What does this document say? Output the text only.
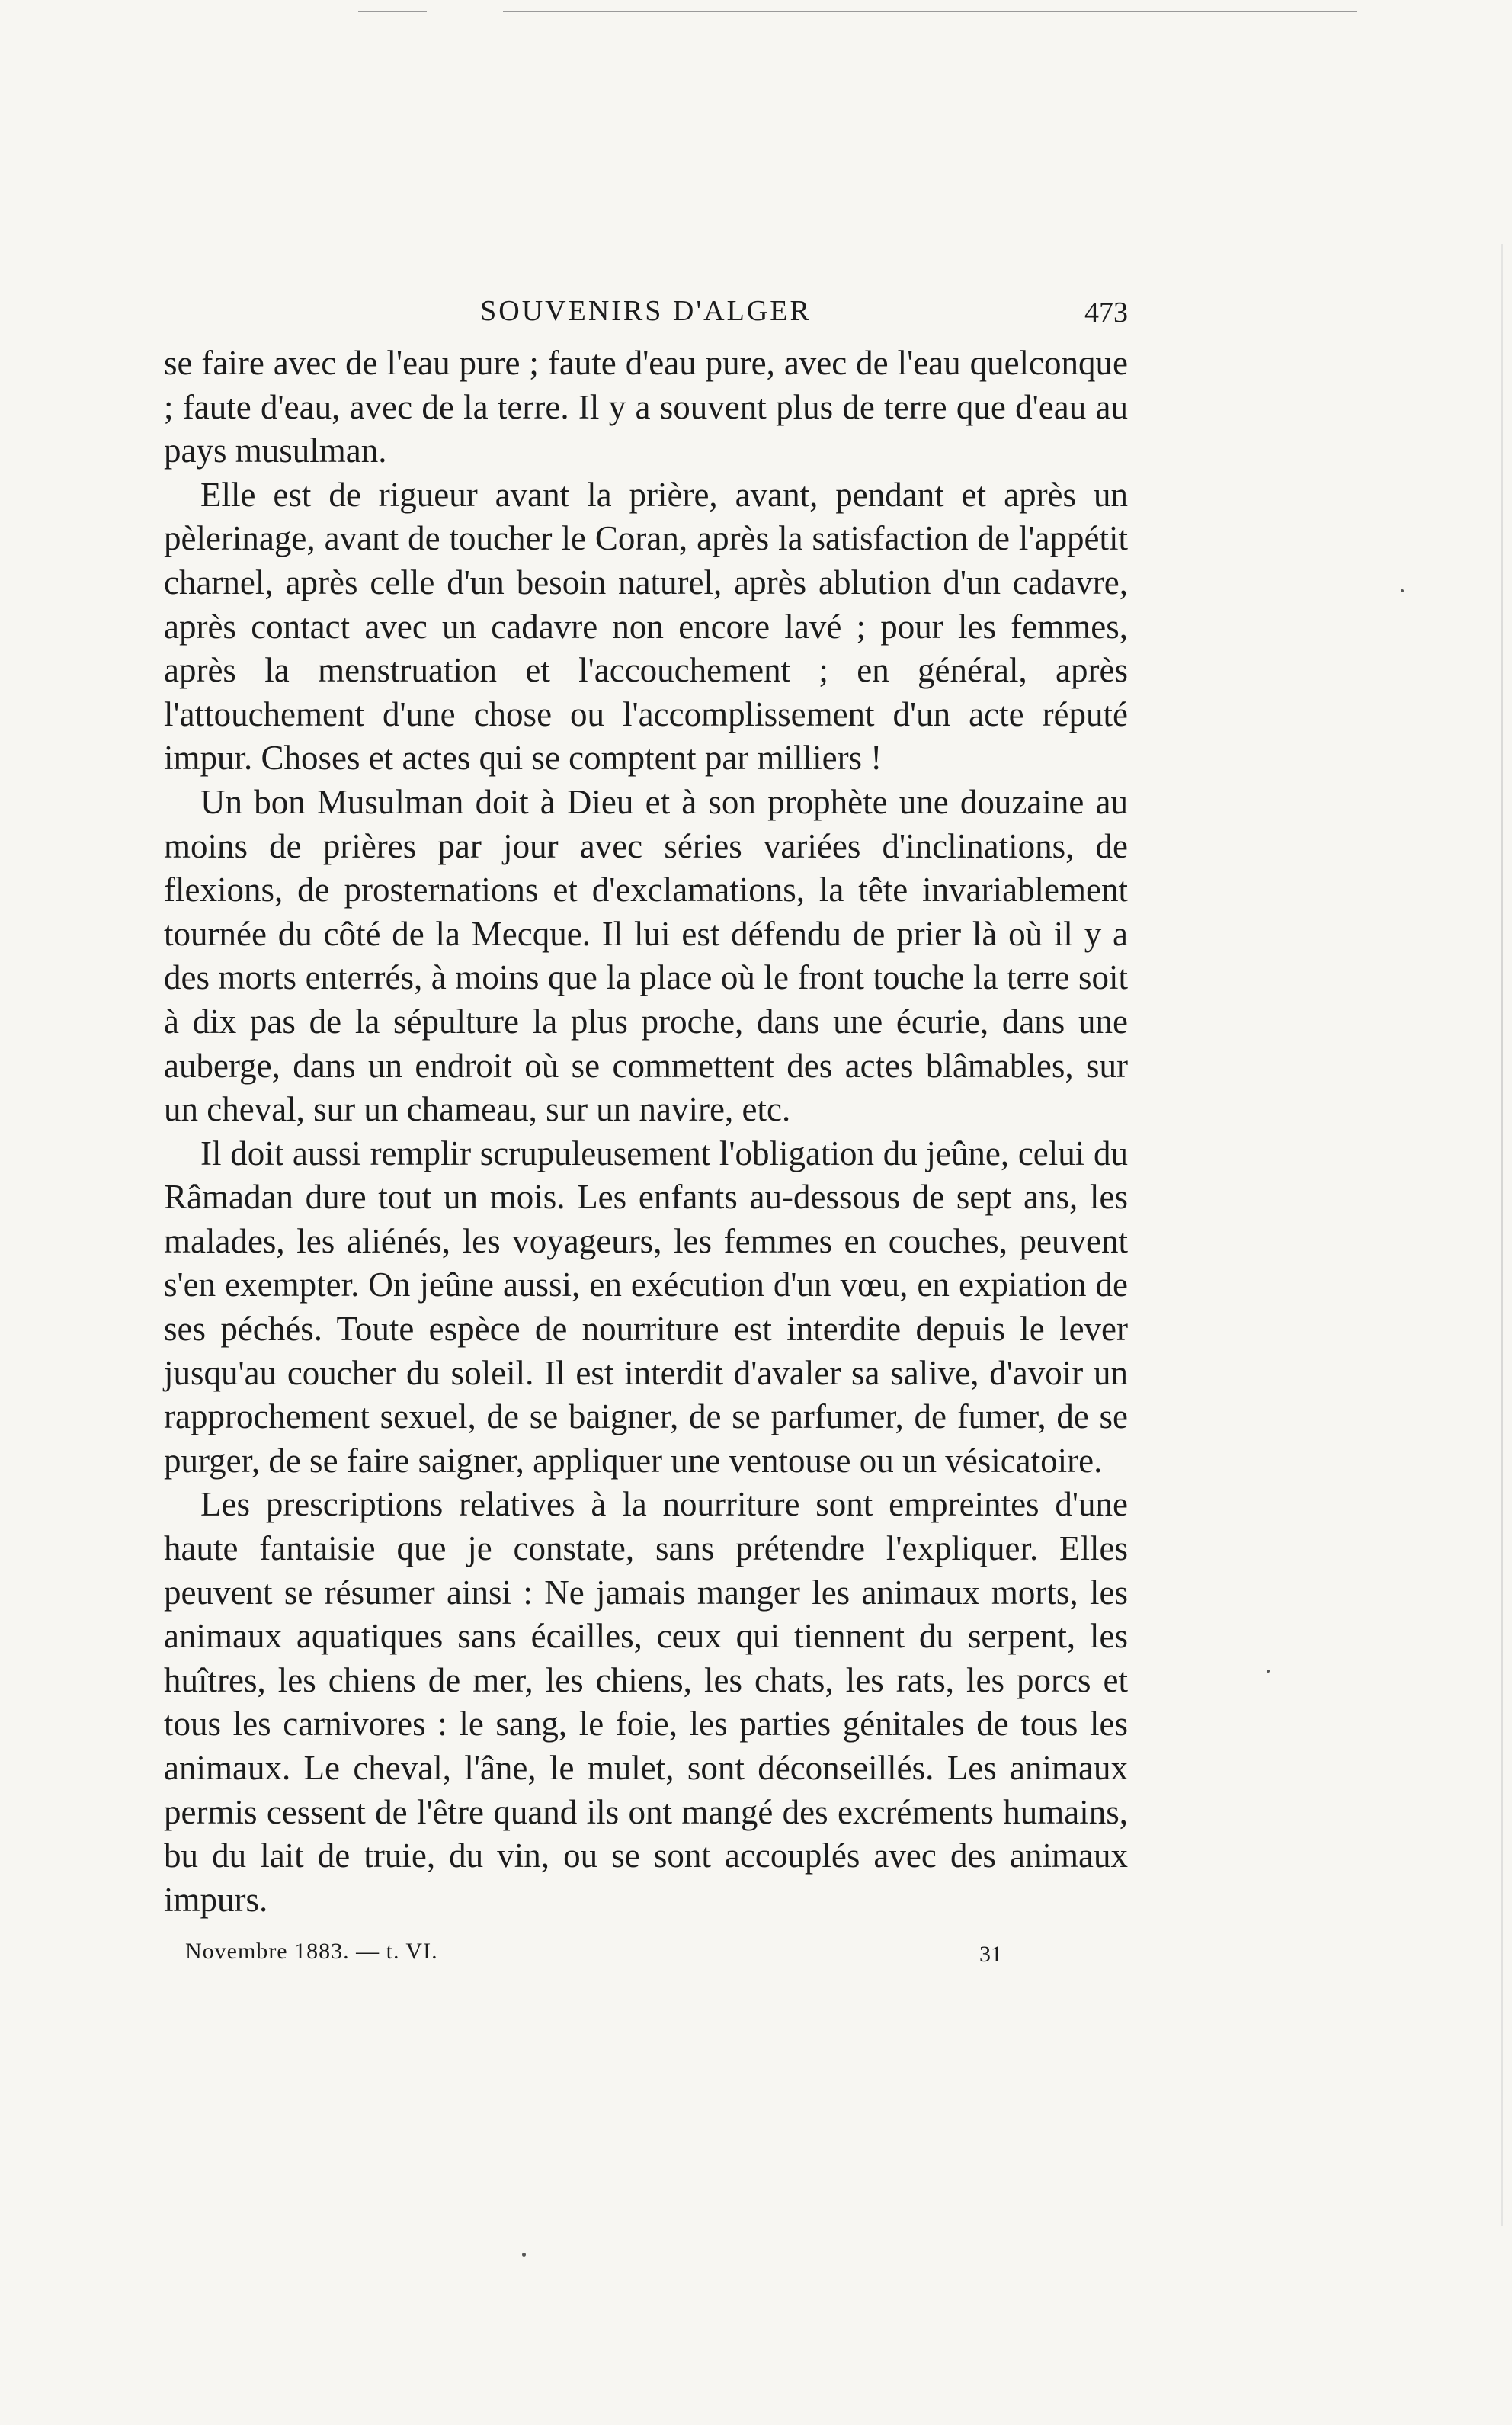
SOUVENIRS D'ALGER	473

se faire avec de l'eau pure ; faute d'eau pure, avec de l'eau quelconque ; faute d'eau, avec de la terre. Il y a souvent plus de terre que d'eau au pays musulman.

Elle est de rigueur avant la prière, avant, pendant et après un pèlerinage, avant de toucher le Coran, après la satisfaction de l'appétit charnel, après celle d'un besoin naturel, après ablution d'un cadavre, après contact avec un cadavre non encore lavé ; pour les femmes, après la menstruation et l'accouchement ; en général, après l'attouchement d'une chose ou l'accomplissement d'un acte réputé impur. Choses et actes qui se comptent par milliers !

Un bon Musulman doit à Dieu et à son prophète une douzaine au moins de prières par jour avec séries variées d'inclinations, de flexions, de prosternations et d'exclamations, la tête invariablement tournée du côté de la Mecque. Il lui est défendu de prier là où il y a des morts enterrés, à moins que la place où le front touche la terre soit à dix pas de la sépulture la plus proche, dans une écurie, dans une auberge, dans un endroit où se commettent des actes blâmables, sur un cheval, sur un chameau, sur un navire, etc.

Il doit aussi remplir scrupuleusement l'obligation du jeûne, celui du Râmadan dure tout un mois. Les enfants au-dessous de sept ans, les malades, les aliénés, les voyageurs, les femmes en couches, peuvent s'en exempter. On jeûne aussi, en exécution d'un vœu, en expiation de ses péchés. Toute espèce de nourriture est interdite depuis le lever jusqu'au coucher du soleil. Il est interdit d'avaler sa salive, d'avoir un rapprochement sexuel, de se baigner, de se parfumer, de fumer, de se purger, de se faire saigner, appliquer une ventouse ou un vésicatoire.

Les prescriptions relatives à la nourriture sont empreintes d'une haute fantaisie que je constate, sans prétendre l'expliquer. Elles peuvent se résumer ainsi : Ne jamais manger les animaux morts, les animaux aquatiques sans écailles, ceux qui tiennent du serpent, les huîtres, les chiens de mer, les chiens, les chats, les rats, les porcs et tous les carnivores : le sang, le foie, les parties génitales de tous les animaux. Le cheval, l'âne, le mulet, sont déconseillés. Les animaux permis cessent de l'être quand ils ont mangé des excréments humains, bu du lait de truie, du vin, ou se sont accouplés avec des animaux impurs.

Novembre 1883. — t. VI.	31
